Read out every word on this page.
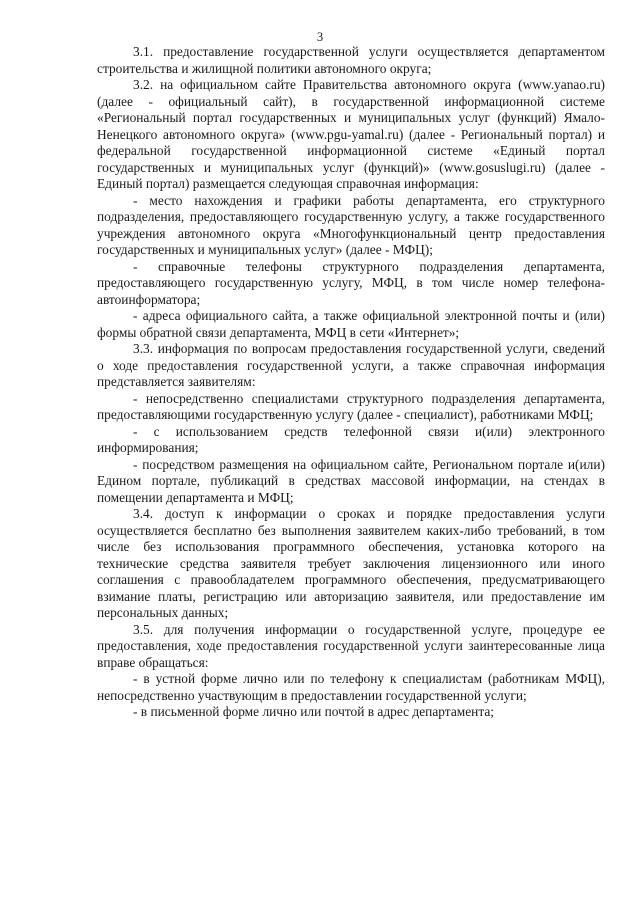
3

3.1. предоставление государственной услуги осуществляется департаментом строительства и жилищной политики автономного округа;

3.2. на официальном сайте Правительства автономного округа (www.yanao.ru) (далее - официальный сайт), в государственной информационной системе «Региональный портал государственных и муниципальных услуг (функций) Ямало-Ненецкого автономного округа» (www.pgu-yamal.ru) (далее - Региональный портал) и федеральной государственной информационной системе «Единый портал государственных и муниципальных услуг (функций)» (www.gosuslugi.ru) (далее - Единый портал) размещается следующая справочная информация:

- место нахождения и графики работы департамента, его структурного подразделения, предоставляющего государственную услугу, а также государственного учреждения автономного округа «Многофункциональный центр предоставления государственных и муниципальных услуг» (далее - МФЦ);

- справочные телефоны структурного подразделения департамента, предоставляющего государственную услугу, МФЦ, в том числе номер телефона-автоинформатора;

- адреса официального сайта, а также официальной электронной почты и (или) формы обратной связи департамента, МФЦ в сети «Интернет»;

3.3. информация по вопросам предоставления государственной услуги, сведений о ходе предоставления государственной услуги, а также справочная информация представляется заявителям:

- непосредственно специалистами структурного подразделения департамента, предоставляющими государственную услугу (далее - специалист), работниками МФЦ;

- с использованием средств телефонной связи и(или) электронного информирования;

- посредством размещения на официальном сайте, Региональном портале и(или) Едином портале, публикаций в средствах массовой информации, на стендах в помещении департамента и МФЦ;

3.4. доступ к информации о сроках и порядке предоставления услуги осуществляется бесплатно без выполнения заявителем каких-либо требований, в том числе без использования программного обеспечения, установка которого на технические средства заявителя требует заключения лицензионного или иного соглашения с правообладателем программного обеспечения, предусматривающего взимание платы, регистрацию или авторизацию заявителя, или предоставление им персональных данных;

3.5. для получения информации о государственной услуге, процедуре ее предоставления, ходе предоставления государственной услуги заинтересованные лица вправе обращаться:

- в устной форме лично или по телефону к специалистам (работникам МФЦ), непосредственно участвующим в предоставлении государственной услуги;

- в письменной форме лично или почтой в адрес департамента;
